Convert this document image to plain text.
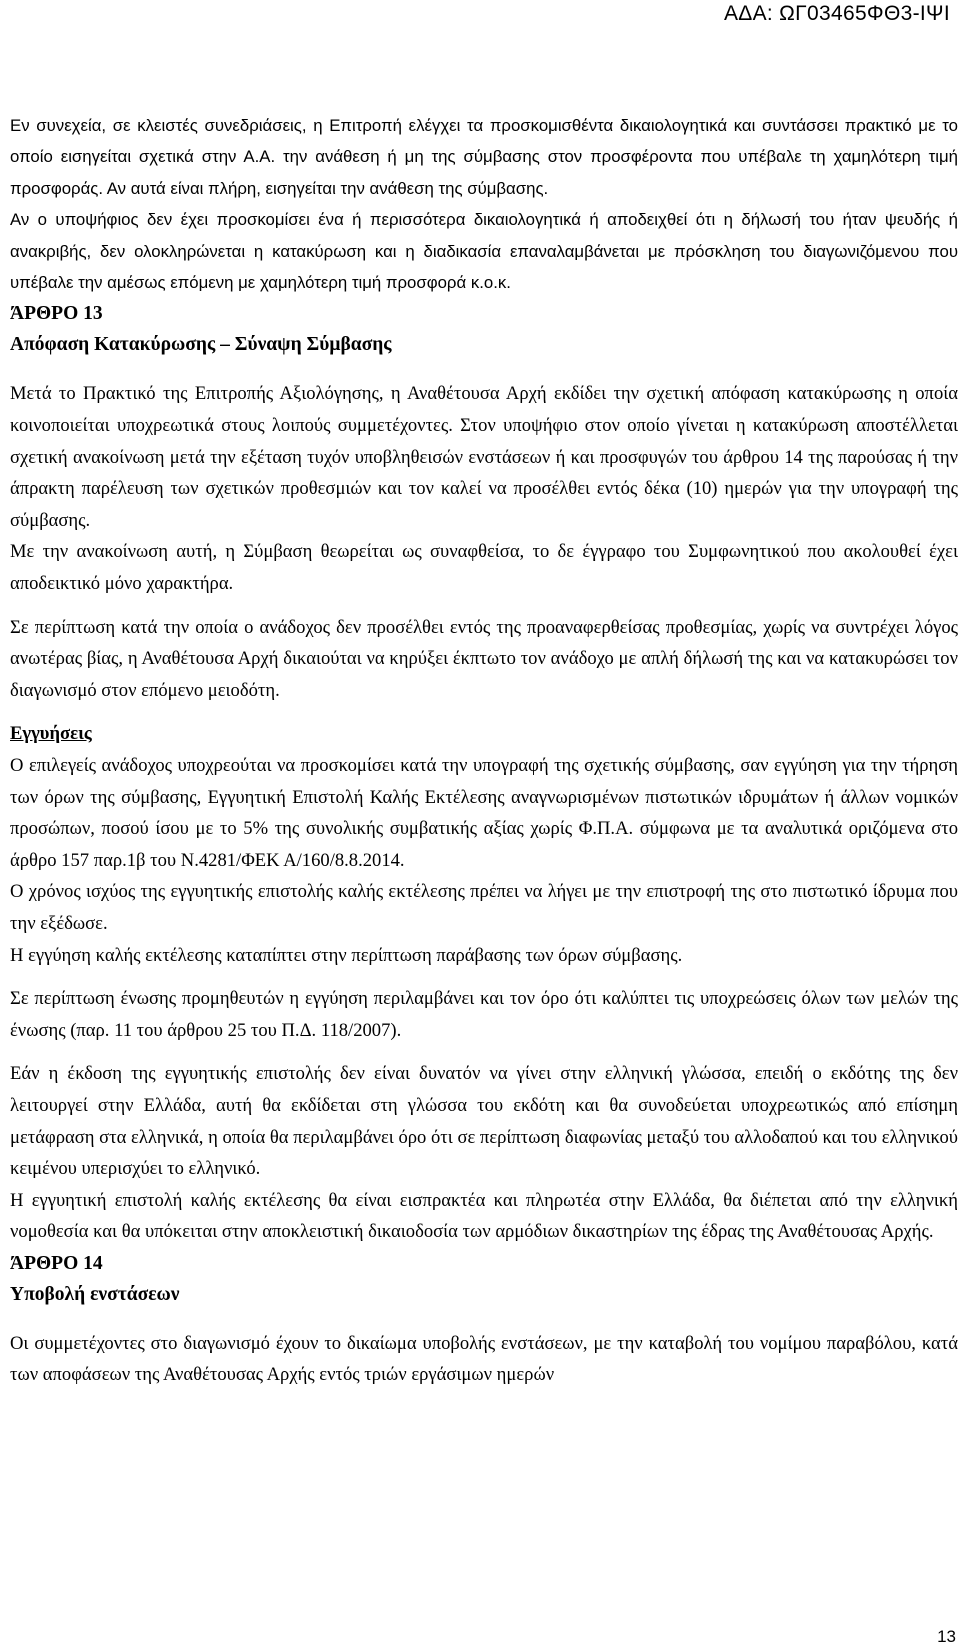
ΑΔΑ: ΩΓ03465ΦΘ3-ΙΨΙ

Εν συνεχεία, σε κλειστές συνεδριάσεις, η Επιτροπή ελέγχει τα προσκομισθέντα δικαιολογητικά και συντάσσει πρακτικό με το οποίο εισηγείται σχετικά στην Α.Α. την ανάθεση ή μη της σύμβασης στον προσφέροντα που υπέβαλε τη χαμηλότερη τιμή προσφοράς. Αν αυτά είναι πλήρη, εισηγείται την ανάθεση της σύμβασης.

Αν ο υποψήφιος δεν έχει προσκομίσει ένα ή περισσότερα δικαιολογητικά ή αποδειχθεί ότι η δήλωσή του ήταν ψευδής ή ανακριβής, δεν ολοκληρώνεται η κατακύρωση και η διαδικασία επαναλαμβάνεται με πρόσκληση του διαγωνιζόμενου που υπέβαλε την αμέσως επόμενη με χαμηλότερη τιμή προσφορά κ.ο.κ.

ΆΡΘΡΟ 13

Απόφαση Κατακύρωσης – Σύναψη Σύμβασης

Μετά το Πρακτικό της Επιτροπής Αξιολόγησης, η Αναθέτουσα Αρχή εκδίδει την σχετική απόφαση κατακύρωσης η οποία κοινοποιείται υποχρεωτικά στους λοιπούς συμμετέχοντες. Στον υποψήφιο στον οποίο γίνεται η κατακύρωση αποστέλλεται σχετική ανακοίνωση μετά την εξέταση τυχόν υποβληθεισών ενστάσεων ή και προσφυγών του άρθρου 14 της παρούσας ή την άπρακτη παρέλευση των σχετικών προθεσμιών και τον καλεί να προσέλθει εντός δέκα (10) ημερών για την υπογραφή της σύμβασης.

Με την ανακοίνωση αυτή, η Σύμβαση θεωρείται ως συναφθείσα, το δε έγγραφο του Συμφωνητικού που ακολουθεί έχει αποδεικτικό μόνο χαρακτήρα.

Σε περίπτωση κατά την οποία ο ανάδοχος δεν προσέλθει εντός της προαναφερθείσας προθεσμίας, χωρίς να συντρέχει λόγος ανωτέρας βίας, η Αναθέτουσα Αρχή δικαιούται να κηρύξει έκπτωτο τον ανάδοχο με απλή δήλωσή της και να κατακυρώσει τον διαγωνισμό στον επόμενο μειοδότη.

Εγγυήσεις

Ο επιλεγείς ανάδοχος υποχρεούται να προσκομίσει κατά την υπογραφή της σχετικής σύμβασης, σαν εγγύηση για την τήρηση των όρων της σύμβασης, Εγγυητική Επιστολή Καλής Εκτέλεσης αναγνωρισμένων πιστωτικών ιδρυμάτων ή άλλων νομικών προσώπων, ποσού ίσου με το 5% της συνολικής συμβατικής αξίας χωρίς Φ.Π.Α. σύμφωνα με τα αναλυτικά οριζόμενα στο άρθρο 157 παρ.1β του Ν.4281/ΦΕΚ Α/160/8.8.2014.

Ο χρόνος ισχύος της εγγυητικής επιστολής καλής εκτέλεσης πρέπει να λήγει με την επιστροφή της στο πιστωτικό ίδρυμα που την εξέδωσε.

Η εγγύηση καλής εκτέλεσης καταπίπτει στην περίπτωση παράβασης των όρων σύμβασης.

Σε περίπτωση ένωσης προμηθευτών η εγγύηση περιλαμβάνει και τον όρο ότι καλύπτει τις υποχρεώσεις όλων των μελών της ένωσης (παρ. 11 του άρθρου 25 του Π.Δ. 118/2007).

Εάν η έκδοση της εγγυητικής επιστολής δεν είναι δυνατόν να γίνει στην ελληνική γλώσσα, επειδή ο εκδότης της δεν λειτουργεί στην Ελλάδα, αυτή θα εκδίδεται στη γλώσσα του εκδότη και θα συνοδεύεται υποχρεωτικώς από επίσημη μετάφραση στα ελληνικά, η οποία θα περιλαμβάνει όρο ότι σε περίπτωση διαφωνίας μεταξύ του αλλοδαπού και του ελληνικού κειμένου υπερισχύει το ελληνικό.

Η εγγυητική επιστολή καλής εκτέλεσης θα είναι εισπρακτέα και πληρωτέα στην Ελλάδα, θα διέπεται από την ελληνική νομοθεσία και θα υπόκειται στην αποκλειστική δικαιοδοσία των αρμόδιων δικαστηρίων της έδρας της Αναθέτουσας Αρχής.

ΆΡΘΡΟ 14

Υποβολή ενστάσεων

Οι συμμετέχοντες στο διαγωνισμό έχουν το δικαίωμα υποβολής ενστάσεων, με την καταβολή του νομίμου παραβόλου, κατά των αποφάσεων της Αναθέτουσας Αρχής εντός τριών εργάσιμων ημερών

13
